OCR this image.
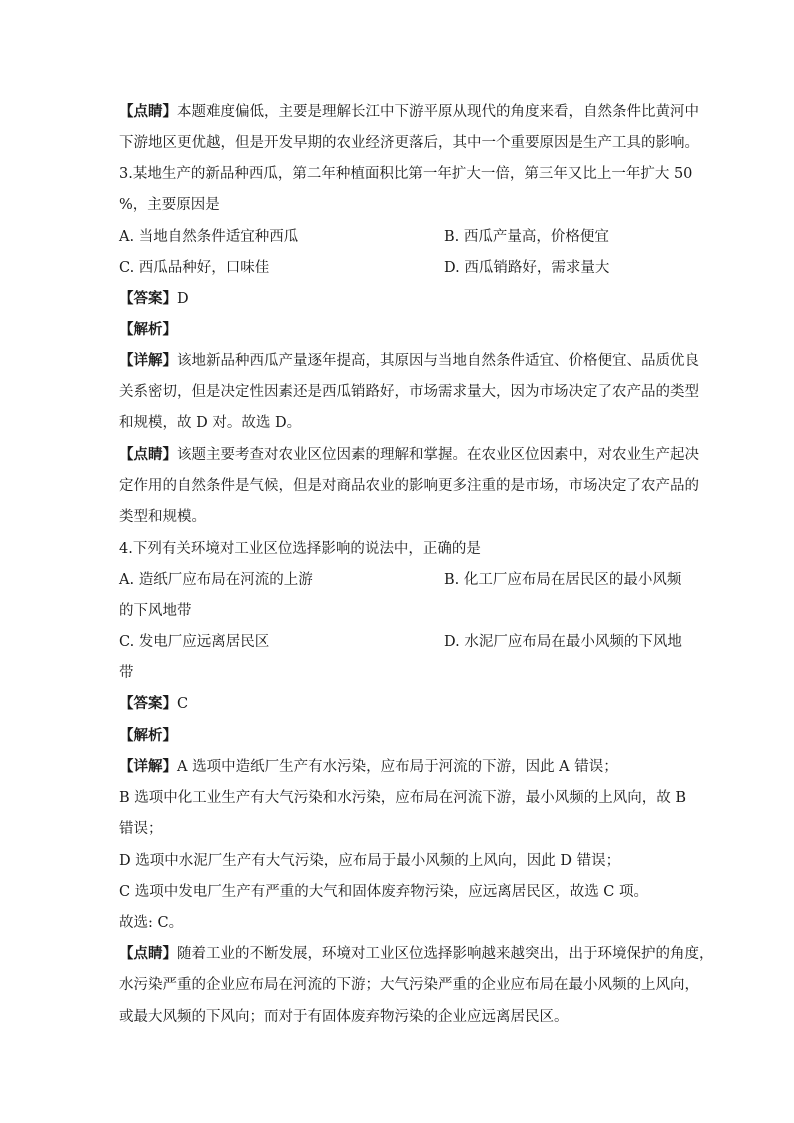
【点睛】本题难度偏低，主要是理解长江中下游平原从现代的角度来看，自然条件比黄河中
下游地区更优越，但是开发早期的农业经济更落后，其中一个重要原因是生产工具的影响。
3.某地生产的新品种西瓜，第二年种植面积比第一年扩大一倍，第三年又比上一年扩大 50
%，主要原因是
A. 当地自然条件适宜种西瓜	B. 西瓜产量高，价格便宜
C. 西瓜品种好，口味佳	D. 西瓜销路好，需求量大
【答案】D
【解析】
【详解】该地新品种西瓜产量逐年提高，其原因与当地自然条件适宜、价格便宜、品质优良
关系密切，但是决定性因素还是西瓜销路好，市场需求量大，因为市场决定了农产品的类型
和规模，故 D 对。故选 D。
【点睛】该题主要考查对农业区位因素的理解和掌握。在农业区位因素中，对农业生产起决
定作用的自然条件是气候，但是对商品农业的影响更多注重的是市场，市场决定了农产品的
类型和规模。
4.下列有关环境对工业区位选择影响的说法中，正确的是
A. 造纸厂应布局在河流的上游	B. 化工厂应布局在居民区的最小风频
的下风地带
C. 发电厂应远离居民区	D. 水泥厂应布局在最小风频的下风地
带
【答案】C
【解析】
【详解】A 选项中造纸厂生产有水污染，应布局于河流的下游，因此 A 错误；
B 选项中化工业生产有大气污染和水污染，应布局在河流下游，最小风频的上风向，故 B
错误；
D 选项中水泥厂生产有大气污染，应布局于最小风频的上风向，因此 D 错误；
C 选项中发电厂生产有严重的大气和固体废弃物污染，应远离居民区，故选 C 项。
故选: C。
【点睛】随着工业的不断发展，环境对工业区位选择影响越来越突出，出于环境保护的角度，
水污染严重的企业应布局在河流的下游；大气污染严重的企业应布局在最小风频的上风向，
或最大风频的下风向；而对于有固体废弃物污染的企业应远离居民区。
